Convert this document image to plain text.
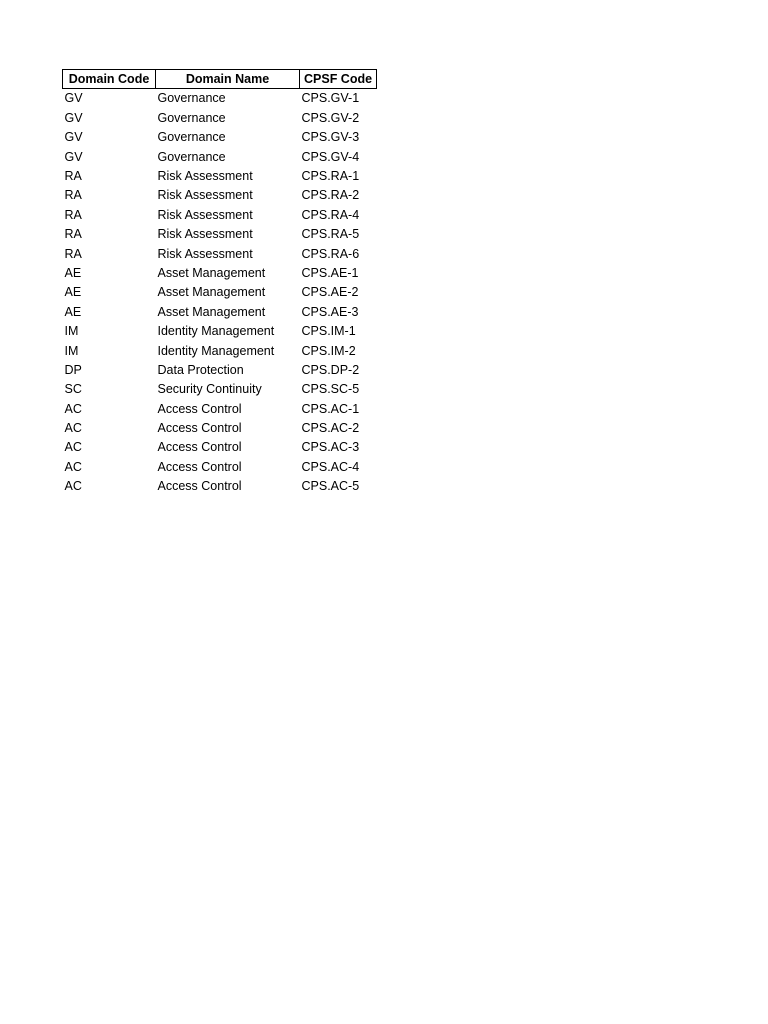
Domain Code	Domain Name	CPSF Code
GV	Governance	CPS.GV-1
GV	Governance	CPS.GV-2
GV	Governance	CPS.GV-3
GV	Governance	CPS.GV-4
RA	Risk Assessment	CPS.RA-1
RA	Risk Assessment	CPS.RA-2
RA	Risk Assessment	CPS.RA-4
RA	Risk Assessment	CPS.RA-5
RA	Risk Assessment	CPS.RA-6
AE	Asset Management	CPS.AE-1
AE	Asset Management	CPS.AE-2
AE	Asset Management	CPS.AE-3
IM	Identity Management	CPS.IM-1
IM	Identity Management	CPS.IM-2
DP	Data Protection	CPS.DP-2
SC	Security Continuity	CPS.SC-5
AC	Access Control	CPS.AC-1
AC	Access Control	CPS.AC-2
AC	Access Control	CPS.AC-3
AC	Access Control	CPS.AC-4
AC	Access Control	CPS.AC-5
